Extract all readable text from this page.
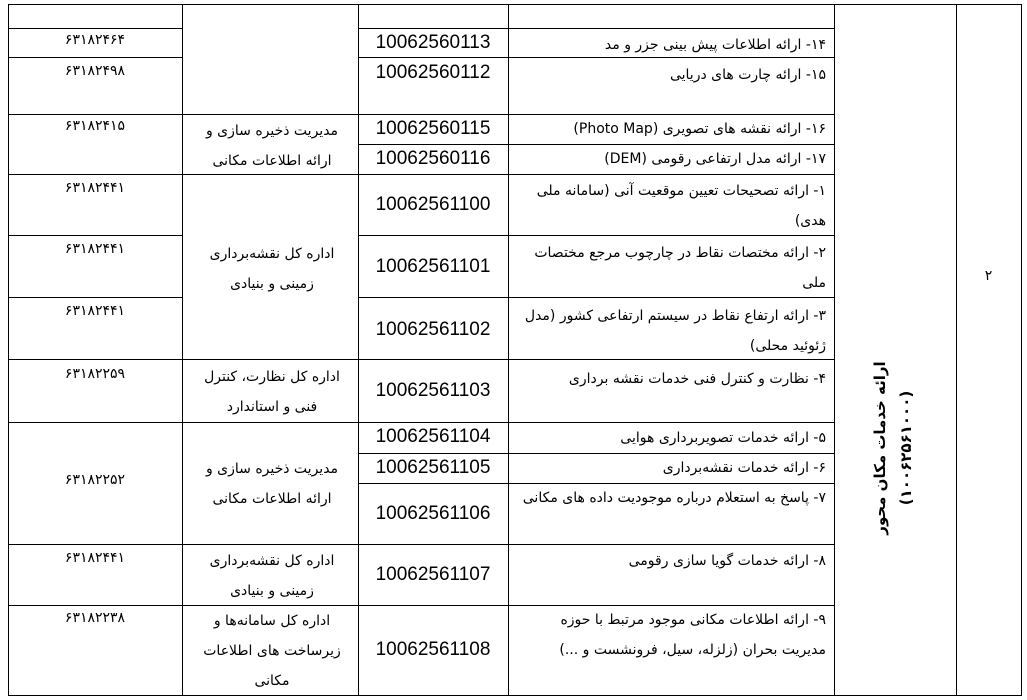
ارائه خدمات مکان محور (۱۰۰۶۲۵۶۱۰۰۰)
۲
۱۴- ارائه اطلاعات پیش بینی جزر و مد
۱۵- ارائه چارت های دریایی
۱۶- ارائه نقشه های تصویری (Photo Map)
۱۷- ارائه مدل ارتفاعی رقومی (DEM)
۱- ارائه تصحیحات تعیین موقعیت آنی (سامانه ملی هدی)
۲- ارائه مختصات نقاط در چارچوب مرجع مختصات ملی
۳- ارائه ارتفاع نقاط در سیستم ارتفاعی کشور (مدل ژئوئید محلی)
۴- نظارت و کنترل فنی خدمات نقشه برداری
۵- ارائه خدمات تصویربرداری هوایی
۶- ارائه خدمات نقشه‌برداری
۷- پاسخ به استعلام درباره موجودیت داده های مکانی
۸- ارائه خدمات گویا سازی رقومی
۹- ارائه اطلاعات مکانی موجود مرتبط با حوزه مدیریت بحران (زلزله، سیل، فرونشست و ...)
10062560113
10062560112
10062560115
10062560116
10062561100
10062561101
10062561102
10062561103
10062561104
10062561105
10062561106
10062561107
10062561108
مدیریت ذخیره سازی و ارائه اطلاعات مکانی
اداره کل نقشه‌برداری زمینی و بنیادی
اداره کل نظارت، کنترل فنی و استاندارد
مدیریت ذخیره سازی و ارائه اطلاعات مکانی
اداره کل نقشه‌برداری زمینی و بنیادی
اداره کل سامانه‌ها و زیرساخت های اطلاعات مکانی
۶۳۱۸۲۴۶۴
۶۳۱۸۲۴۹۸
۶۳۱۸۲۴۱۵
۶۳۱۸۲۴۴۱
۶۳۱۸۲۴۴۱
۶۳۱۸۲۴۴۱
۶۳۱۸۲۲۵۹
۶۳۱۸۲۲۵۲
۶۳۱۸۲۴۴۱
۶۳۱۸۲۲۳۸
